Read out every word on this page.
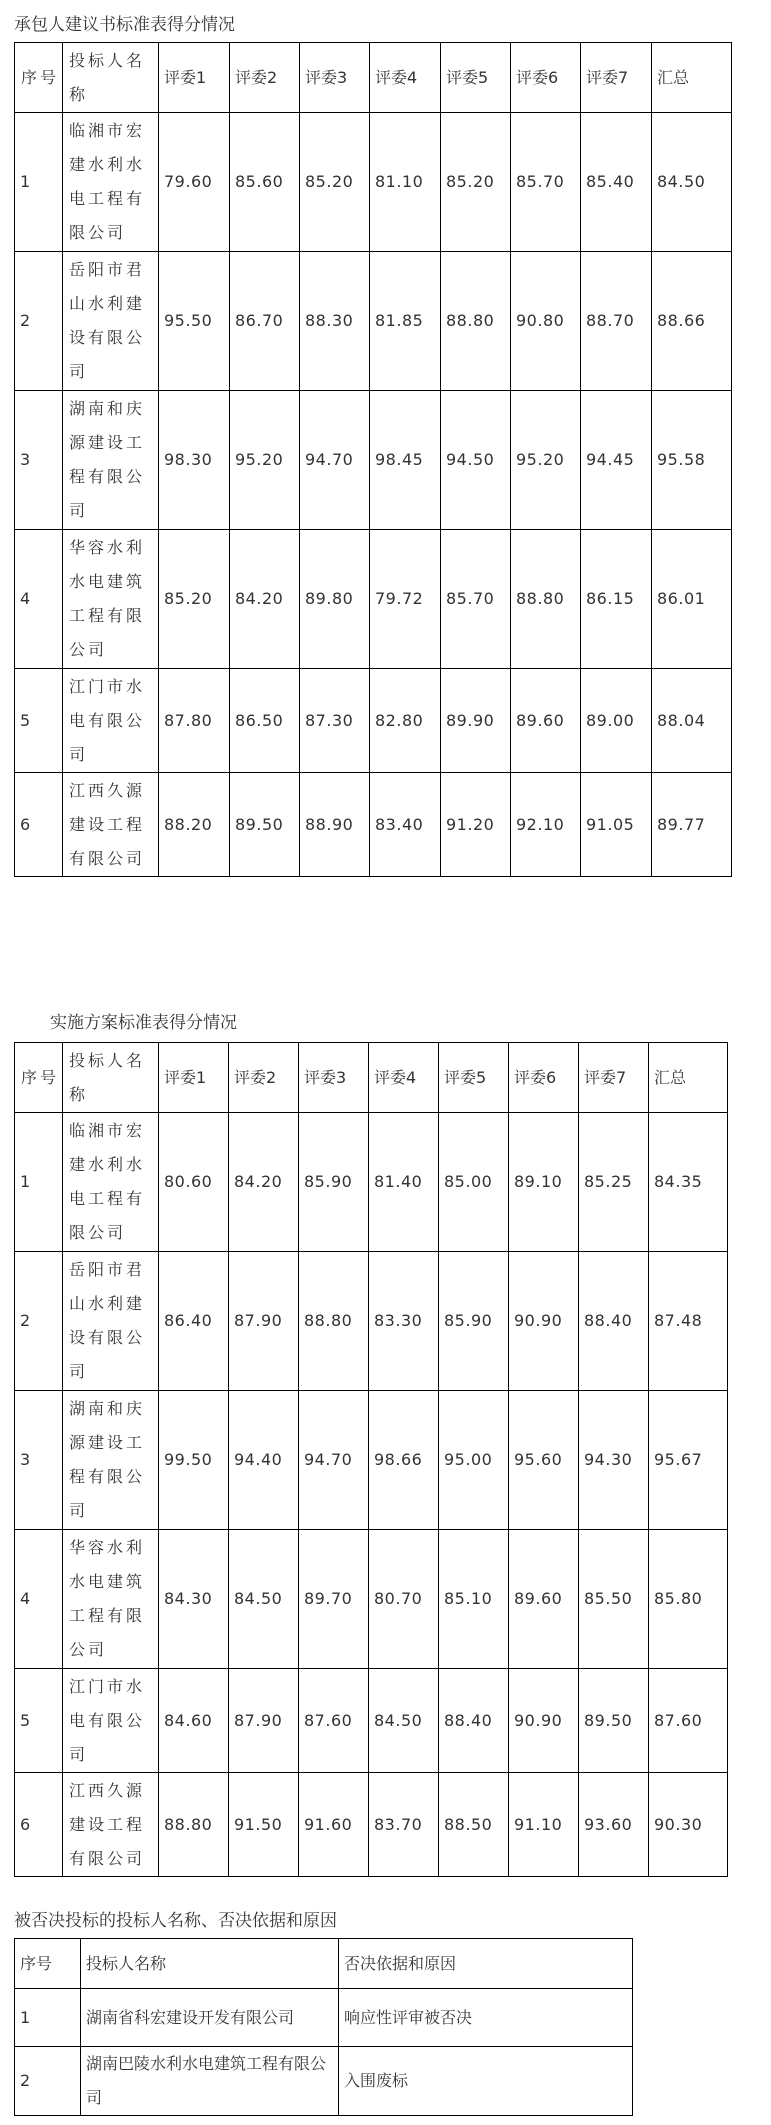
承包人建议书标准表得分情况
序号	投标人名称	评委1	评委2	评委3	评委4	评委5	评委6	评委7	汇总
1	临湘市宏建水利水电工程有限公司	79.60	85.60	85.20	81.10	85.20	85.70	85.40	84.50
2	岳阳市君山水利建设有限公司	95.50	86.70	88.30	81.85	88.80	90.80	88.70	88.66
3	湖南和庆源建设工程有限公司	98.30	95.20	94.70	98.45	94.50	95.20	94.45	95.58
4	华容水利水电建筑工程有限公司	85.20	84.20	89.80	79.72	85.70	88.80	86.15	86.01
5	江门市水电有限公司	87.80	86.50	87.30	82.80	89.90	89.60	89.00	88.04
6	江西久源建设工程有限公司	88.20	89.50	88.90	83.40	91.20	92.10	91.05	89.77
实施方案标准表得分情况
序号	投标人名称	评委1	评委2	评委3	评委4	评委5	评委6	评委7	汇总
1	临湘市宏建水利水电工程有限公司	80.60	84.20	85.90	81.40	85.00	89.10	85.25	84.35
2	岳阳市君山水利建设有限公司	86.40	87.90	88.80	83.30	85.90	90.90	88.40	87.48
3	湖南和庆源建设工程有限公司	99.50	94.40	94.70	98.66	95.00	95.60	94.30	95.67
4	华容水利水电建筑工程有限公司	84.30	84.50	89.70	80.70	85.10	89.60	85.50	85.80
5	江门市水电有限公司	84.60	87.90	87.60	84.50	88.40	90.90	89.50	87.60
6	江西久源建设工程有限公司	88.80	91.50	91.60	83.70	88.50	91.10	93.60	90.30
被否决投标的投标人名称、否决依据和原因
序号	投标人名称	否决依据和原因
1	湖南省科宏建设开发有限公司	响应性评审被否决
2	湖南巴陵水利水电建筑工程有限公司	入围废标
